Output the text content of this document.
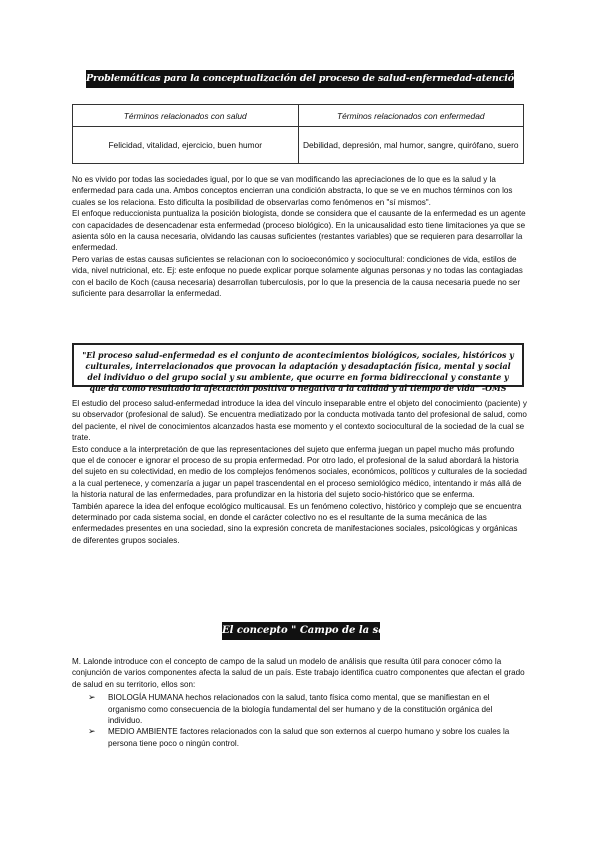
Problemáticas para la conceptualización del proceso de salud-enfermedad-atención/cuidado
Términos relacionados con salud	Términos relacionados con enfermedad
Felicidad, vitalidad, ejercicio, buen humor	Debilidad, depresión, mal humor, sangre, quirófano, suero

No es vivido por todas las sociedades igual, por lo que se van modificando las apreciaciones de lo que es la salud y la enfermedad para cada una. Ambos conceptos encierran una condición abstracta, lo que se ve en muchos términos con los cuales se los relaciona. Esto dificulta la posibilidad de observarlas como fenómenos en "sí mismos".

El enfoque reduccionista puntualiza la posición biologista, donde se considera que el causante de la enfermedad es un agente con capacidades de desencadenar esta enfermedad (proceso biológico). En la unicausalidad esto tiene limitaciones ya que se asienta sólo en la causa necesaria, olvidando las causas suficientes (restantes variables) que se requieren para desarrollar la enfermedad.

Pero varias de estas causas suficientes se relacionan con lo socioeconómico y sociocultural: condiciones de vida, estilos de vida, nivel nutricional, etc. Ej: este enfoque no puede explicar porque solamente algunas personas y no todas las contagiadas con el bacilo de Koch (causa necesaria) desarrollan tuberculosis, por lo que la presencia de la causa necesaria puede no ser suficiente para desarrollar la enfermedad.

"El proceso salud-enfermedad es el conjunto de acontecimientos biológicos, sociales, históricos y culturales, interrelacionados que provocan la adaptación y desadaptación física, mental y social del individuo o del grupo social y su ambiente, que ocurre en forma bidireccional y constante y que da como resultado la afectación positiva o negativa a la calidad y al tiempo de vida" -OMS

El estudio del proceso salud-enfermedad introduce la idea del vínculo inseparable entre el objeto del conocimiento (paciente) y su observador (profesional de salud). Se encuentra mediatizado por la conducta motivada tanto del profesional de salud, como del paciente, el nivel de conocimientos alcanzados hasta ese momento y el contexto sociocultural de la sociedad de la cual se trate.

Esto conduce a la interpretación de que las representaciones del sujeto que enferma juegan un papel mucho más profundo que el de conocer e ignorar el proceso de su propia enfermedad. Por otro lado, el profesional de la salud abordará la historia del sujeto en su colectividad, en medio de los complejos fenómenos sociales, económicos, políticos y culturales de la sociedad a la cual pertenece, y comenzaría a jugar un papel trascendental en el proceso semiológico médico, intentando ir más allá de la historia natural de las enfermedades, para profundizar en la historia del sujeto socio-histórico que se enferma.

También aparece la idea del enfoque ecológico multicausal. Es un fenómeno colectivo, histórico y complejo que se encuentra determinado por cada sistema social, en donde el carácter colectivo no es el resultante de la suma mecánica de las enfermedades presentes en una sociedad, sino la expresión concreta de manifestaciones sociales, psicológicas y orgánicas de diferentes grupos sociales.

El concepto " Campo de la salud"

M. Lalonde introduce con el concepto de campo de la salud un modelo de análisis que resulta útil para conocer cómo la conjunción de varios componentes afecta la salud de un país. Este trabajo identifica cuatro componentes que afectan el grado de salud en su territorio, ellos son:

➢ BIOLOGÍA HUMANA hechos relacionados con la salud, tanto física como mental, que se manifiestan en el organismo como consecuencia de la biología fundamental del ser humano y de la constitución orgánica del individuo.
➢ MEDIO AMBIENTE factores relacionados con la salud que son externos al cuerpo humano y sobre los cuales la persona tiene poco o ningún control.
